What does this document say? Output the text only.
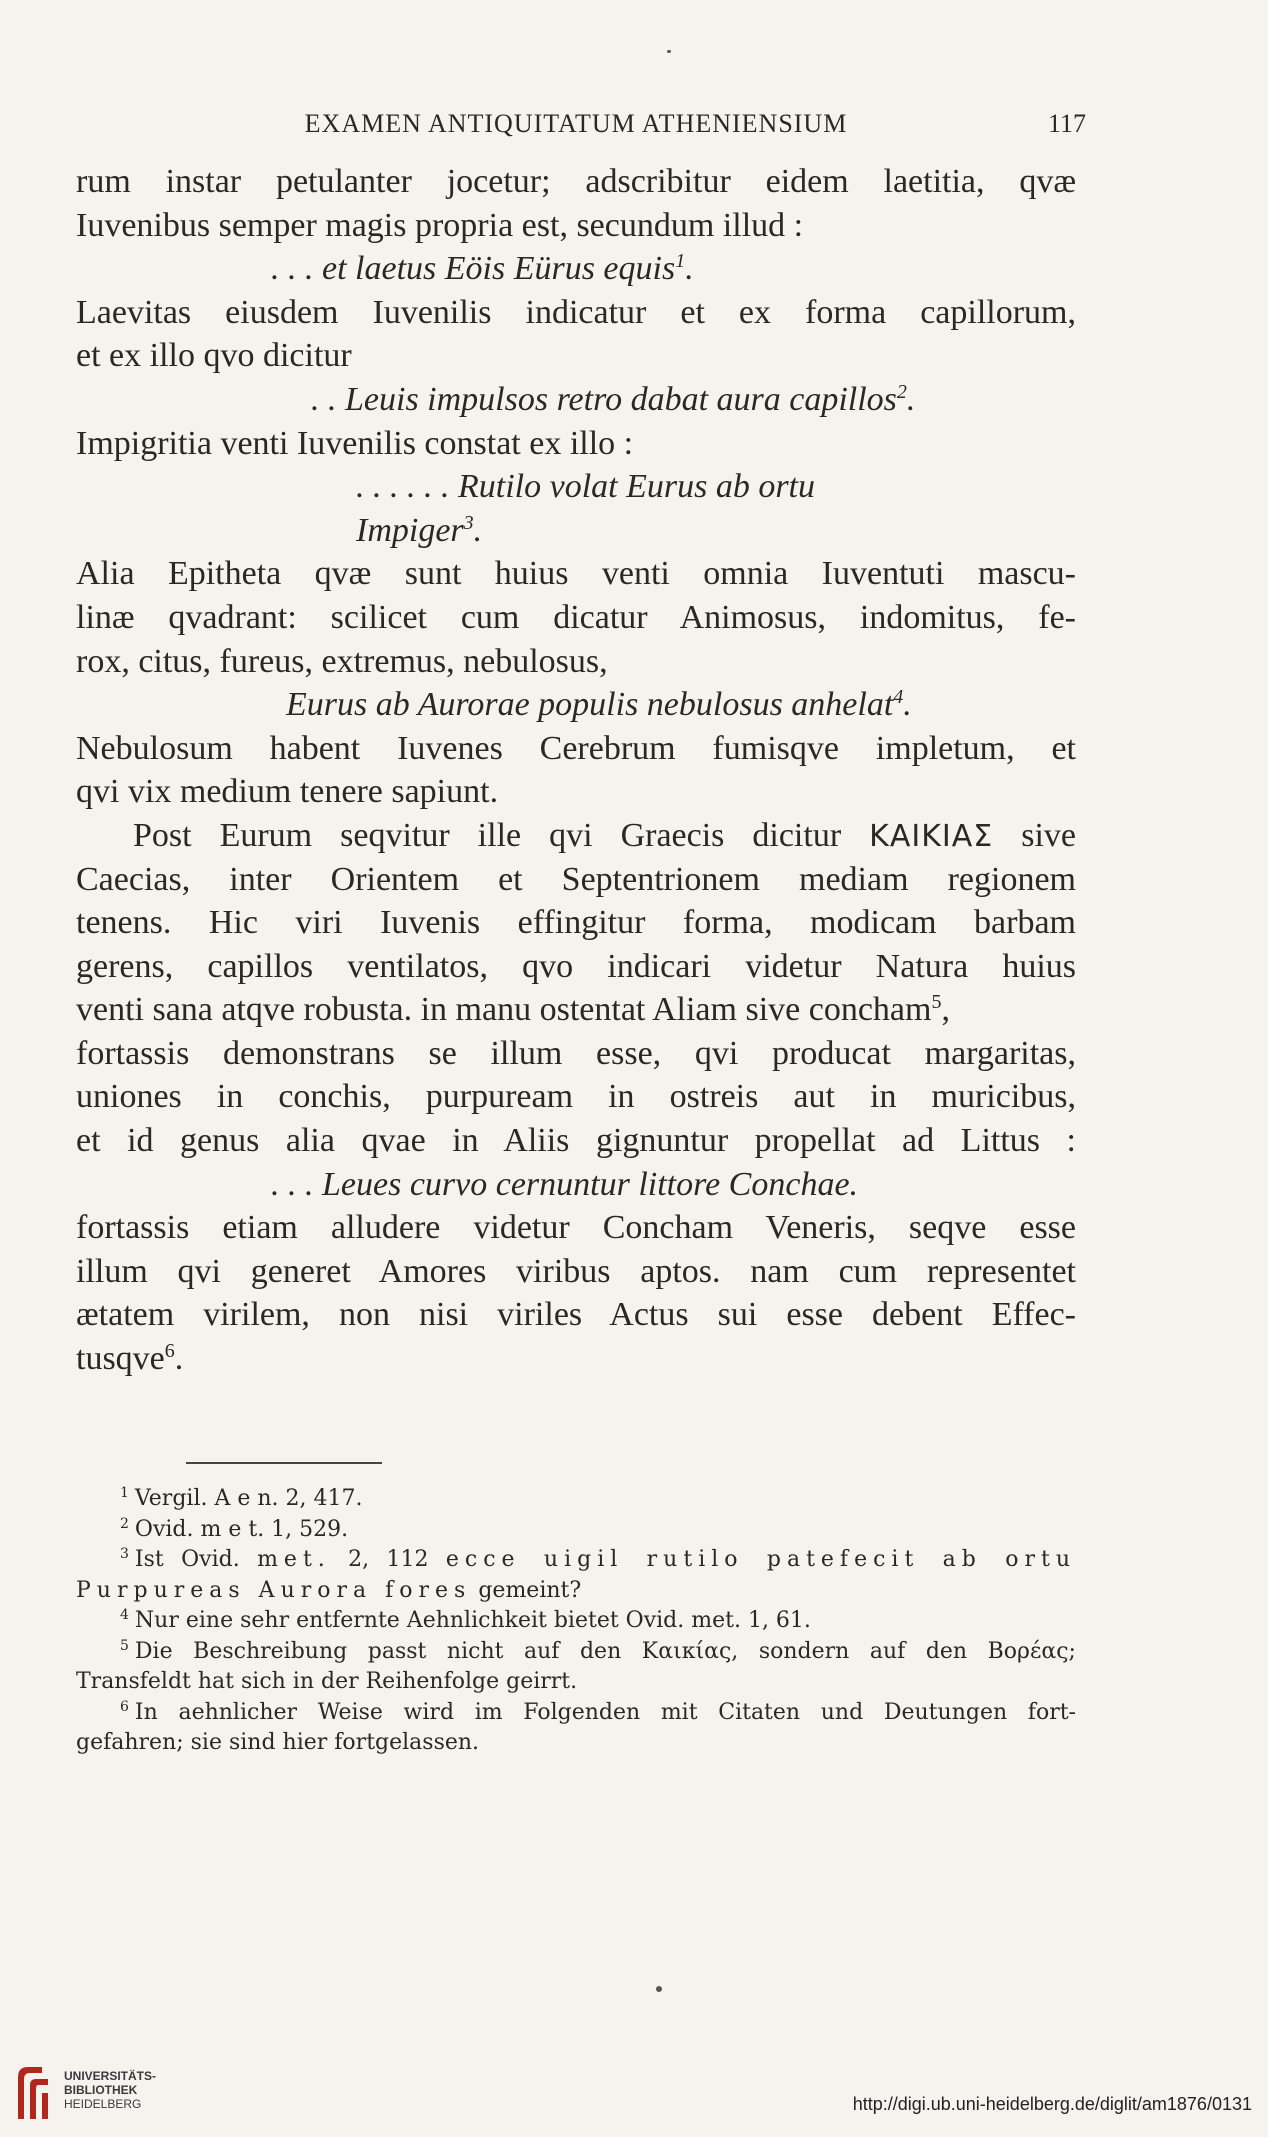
EXAMEN ANTIQUITATUM ATHENIENSIUM	117
rum instar petulanter jocetur; adscribitur eidem laetitia, qvæ
Iuvenibus semper magis propria est, secundum illud :
. . . et laetus Eöis Eürus equis$^1$.
Laevitas eiusdem Iuvenilis indicatur et ex forma capillorum,
et ex illo qvo dicitur
. . Leuis impulsos retro dabat aura capillos$^2$.
Impigritia venti Iuvenilis constat ex illo :
. . . . . . Rutilo volat Eurus ab ortu
Impiger$^3$.
Alia Epitheta qvæ sunt huius venti omnia Iuventuti mascu-
linæ qvadrant: scilicet cum dicatur Animosus, indomitus, fe-
rox, citus, fureus, extremus, nebulosus,
Eurus ab Aurorae populis nebulosus anhelat$^4$.
Nebulosum habent Iuvenes Cerebrum fumisqve impletum, et
qvi vix medium tenere sapiunt.
Post Eurum seqvitur ille qvi Graecis dicitur ΚΑΙΚΙΑΣ sive
Caecias, inter Orientem et Septentrionem mediam regionem
tenens. Hic viri Iuvenis effingitur forma, modicam barbam
gerens, capillos ventilatos, qvo indicari videtur Natura huius
venti sana atqve robusta. in manu ostentat Aliam sive concham$^5$,
fortassis demonstrans se illum esse, qvi producat margaritas,
uniones in conchis, purpuream in ostreis aut in muricibus,
et id genus alia qvae in Aliis gignuntur propellat ad Littus :
. . . Leues curvo cernuntur littore Conchae.
fortassis etiam alludere videtur Concham Veneris, seqve esse
illum qvi generet Amores viribus aptos. nam cum representet
ætatem virilem, non nisi viriles Actus sui esse debent Effec-
tusqve$^6$.
$^1$ Vergil. A e n. 2, 417.
$^2$ Ovid. m e t. 1, 529.
$^3$ Ist Ovid. met. 2, 112 ecce uigil rutilo patefecit ab ortu
Purpureas Aurora fores gemeint?
$^4$ Nur eine sehr entfernte Aehnlichkeit bietet Ovid. met. 1, 61.
$^5$ Die Beschreibung passt nicht auf den Καικίας, sondern auf den Βορέας;
Transfeldt hat sich in der Reihenfolge geirrt.
$^6$ In aehnlicher Weise wird im Folgenden mit Citaten und Deutungen fort-
gefahren; sie sind hier fortgelassen.
UNIVERSITÄTS-
BIBLIOTHEK
HEIDELBERG	http://digi.ub.uni-heidelberg.de/diglit/am1876/0131
